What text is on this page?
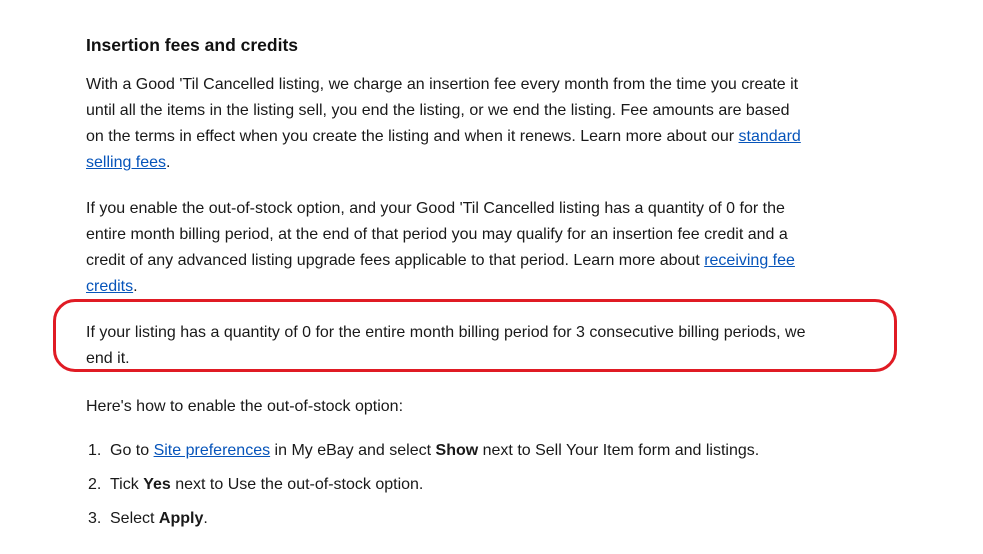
Insertion fees and credits

With a Good 'Til Cancelled listing, we charge an insertion fee every month from the time you create it until all the items in the listing sell, you end the listing, or we end the listing. Fee amounts are based on the terms in effect when you create the listing and when it renews. Learn more about our standard selling fees.

If you enable the out-of-stock option, and your Good 'Til Cancelled listing has a quantity of 0 for the entire month billing period, at the end of that period you may qualify for an insertion fee credit and a credit of any advanced listing upgrade fees applicable to that period. Learn more about receiving fee credits.

If your listing has a quantity of 0 for the entire month billing period for 3 consecutive billing periods, we end it.

Here's how to enable the out-of-stock option:

1. Go to Site preferences in My eBay and select Show next to Sell Your Item form and listings.
2. Tick Yes next to Use the out-of-stock option.
3. Select Apply.
